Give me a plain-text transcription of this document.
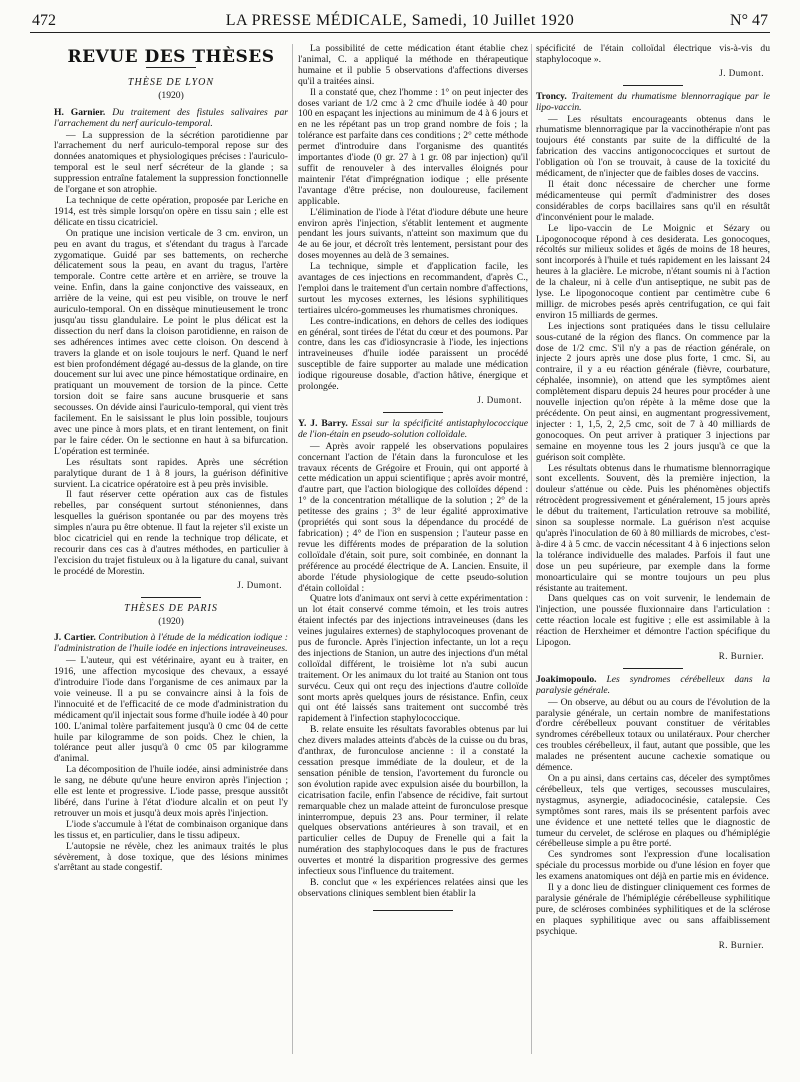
472	LA PRESSE MÉDICALE, Samedi, 10 Juillet 1920	N° 47
REVUE DES THÈSES
THÈSE DE LYON
(1920)
H. Garnier. Du traitement des fistules salivaires par l'arrachement du nerf auriculo-temporal.

— La suppression de la sécrétion parotidienne par l'arrachement du nerf auriculo-temporal repose sur des données anatomiques et physiologiques précises : l'auriculo-temporal est le seul nerf sécréteur de la glande ; sa suppression entraîne fatalement la suppression fonctionnelle de l'organe et son atrophie.

La technique de cette opération, proposée par Leriche en 1914, est très simple lorsqu'on opère en tissu sain ; elle est délicate en tissu cicatriciel.

On pratique une incision verticale de 3 cm. environ, un peu en avant du tragus, et s'étendant du tragus à l'arcade zygomatique. Guidé par ses battements, on recherche délicatement sous la peau, en avant du tragus, l'artère temporale. Contre cette artère et en arrière, se trouve la veine. Enfin, dans la gaine conjonctive des vaisseaux, en arrière de la veine, qui est peu visible, on trouve le nerf auriculo-temporal. On en dissèque minutieusement le tronc jusqu'au tissu glandulaire. Le point le plus délicat est la dissection du nerf dans la cloison parotidienne, en raison de ses adhérences intimes avec cette cloison. On descend à travers la glande et on isole toujours le nerf. Quand le nerf est bien profondément dégagé au-dessus de la glande, on tire doucement sur lui avec une pince hémostatique ordinaire, en pratiquant un mouvement de torsion de la pince. Cette torsion doit se faire sans aucune brusquerie et sans secousses. On dévide ainsi l'auriculo-temporal, qui vient très facilement. En le saisissant le plus loin possible, toujours avec une pince à mors plats, et en tirant lentement, on finit par le faire céder. On le sectionne en haut à sa bifurcation. L'opération est terminée.

Les résultats sont rapides. Après une sécrétion paralytique durant de 1 à 8 jours, la guérison définitive survient. La cicatrice opératoire est à peu près invisible.

Il faut réserver cette opération aux cas de fistules rebelles, par conséquent surtout sténoniennes, dans lesquelles la guérison spontanée ou par des moyens très simples n'aura pu être obtenue. Il faut la rejeter s'il existe un bloc cicatriciel qui en rende la technique trop délicate, et recourir dans ces cas à d'autres méthodes, en particulier à l'excision du trajet fistuleux ou à la ligature du canal, suivant le procédé de Morestin.

J. Dumont.
THÈSES DE PARIS
(1920)
J. Cartier. Contribution à l'étude de la médication iodique : l'administration de l'huile iodée en injections intraveineuses.

— L'auteur, qui est vétérinaire, ayant eu à traiter, en 1916, une affection mycosique des chevaux, a essayé d'introduire l'iode dans l'organisme de ces animaux par la voie veineuse. Il a pu se convaincre ainsi à la fois de l'innocuité et de l'efficacité de ce mode d'administration du médicament qu'il injectait sous forme d'huile iodée à 40 pour 100. L'animal tolère parfaitement jusqu'à 0 cmc 04 de cette huile par kilogramme de son poids. Chez le chien, la tolérance peut aller jusqu'à 0 cmc 05 par kilogramme d'animal.

La décomposition de l'huile iodée, ainsi administrée dans le sang, ne débute qu'une heure environ après l'injection ; elle est lente et progressive. L'iode passe, presque aussitôt libéré, dans l'urine à l'état d'iodure alcalin et on peut l'y retrouver un mois et jusqu'à deux mois après l'injection.

L'iode s'accumule à l'état de combinaison organique dans les tissus et, en particulier, dans le tissu adipeux.

L'autopsie ne révèle, chez les animaux traités le plus sévèrement, à dose toxique, que des lésions minimes s'arrêtant au stade congestif.

La possibilité de cette médication étant établie chez l'animal, C. a appliqué la méthode en thérapeutique humaine et il publie 5 observations d'affections diverses qu'il a traitées ainsi.

Il a constaté que, chez l'homme : 1° on peut injecter des doses variant de 1/2 cmc à 2 cmc d'huile iodée à 40 pour 100 en espaçant les injections au minimum de 4 à 6 jours et en ne les répétant pas un trop grand nombre de fois ; la tolérance est parfaite dans ces conditions ; 2° cette méthode permet d'introduire dans l'organisme des quantités importantes d'iode (0 gr. 27 à 1 gr. 08 par injection) qu'il suffit de renouveler à des intervalles éloignés pour maintenir l'état d'imprégnation iodique ; elle présente l'avantage d'être précise, non douloureuse, facilement applicable.

L'élimination de l'iode à l'état d'iodure débute une heure environ après l'injection, s'établit lentement et augmente pendant les jours suivants, n'atteint son maximum que du 4e au 6e jour, et décroît très lentement, persistant pour des doses moyennes au delà de 3 semaines.

La technique, simple et d'application facile, les avantages de ces injections en recommandent, d'après C., l'emploi dans le traitement d'un certain nombre d'affections, surtout les mycoses externes, les lésions syphilitiques tertiaires ulcéro-gommeuses les rhumatismes chroniques.

Les contre-indications, en dehors de celles des iodiques en général, sont tirées de l'état du cœur et des poumons. Par contre, dans les cas d'idiosyncrasie à l'iode, les injections intraveineuses d'huile iodée paraissent un procédé susceptible de faire supporter au malade une médication iodique rigoureuse dosable, d'action hâtive, énergique et prolongée.

J. Dumont.
Y. J. Barry. Essai sur la spécificité antistaphylococcique de l'ion-étain en pseudo-solution colloïdale.

— Après avoir rappelé les observations populaires concernant l'action de l'étain dans la furonculose et les travaux récents de Grégoire et Frouin, qui ont apporté à cette médication un appui scientifique ; après avoir montré, d'autre part, que l'action biologique des colloïdes dépend : 1° de la concentration métallique de la solution ; 2° de la petitesse des grains ; 3° de leur égalité approximative (propriétés qui sont sous la dépendance du procédé de fabrication) ; 4° de l'ion en suspension ; l'auteur passe en revue les différents modes de préparation de la solution colloïdale d'étain, soit pure, soit combinée, en donnant la préférence au procédé électrique de A. Lancien. Ensuite, il aborde l'étude physiologique de cette pseudo-solution d'étain colloïdal :

Quatre lots d'animaux ont servi à cette expérimentation : un lot était conservé comme témoin, et les trois autres étaient infectés par des injections intraveineuses (dans les veines jugulaires externes) de staphylocoques provenant de pus de furoncle. Après l'injection infectante, un lot a reçu des injections de Stanion, un autre des injections d'un métal colloïdal différent, le troisième lot n'a subi aucun traitement. Or les animaux du lot traité au Stanion ont tous survécu. Ceux qui ont reçu des injections d'autre colloïde sont morts après quelques jours de résistance. Enfin, ceux qui ont été laissés sans traitement ont succombé très rapidement à l'infection staphylococcique.

B. relate ensuite les résultats favorables obtenus par lui chez divers malades atteints d'abcès de la cuisse ou du bras, d'anthrax, de furonculose ancienne : il a constaté la cessation presque immédiate de la douleur, et de la sensation pénible de tension, l'avortement du furoncle ou son évolution rapide avec expulsion aisée du bourbillon, la cicatrisation facile, enfin l'absence de récidive, fait surtout remarquable chez un malade atteint de furonculose presque ininterrompue, depuis 23 ans. Pour terminer, il relate quelques observations antérieures à son travail, et en particulier celles de Dupuy de Frenelle qui a fait la numération des staphylocoques dans le pus de fractures ouvertes et montré la disparition progressive des germes infectieux sous l'influence du traitement.

B. conclut que « les expériences relatées ainsi que les observations cliniques semblent bien établir la

spécificité de l'étain colloïdal électrique vis-à-vis du staphylocoque ».

J. Dumont.
Troncy. Traitement du rhumatisme blennorragique par le lipo-vaccin.

— Les résultats encourageants obtenus dans le rhumatisme blennorragique par la vaccinothérapie n'ont pas toujours été constants par suite de la difficulté de la fabrication des vaccins antigonococciques et surtout de l'obligation où l'on se trouvait, à cause de la toxicité du médicament, de n'injecter que de faibles doses de vaccins.

Il était donc nécessaire de chercher une forme médicamenteuse qui permît d'administrer des doses considérables de corps bacillaires sans qu'il en résultât d'inconvénient pour le malade.

Le lipo-vaccin de Le Moignic et Sézary ou Lipogonocoque répond à ces desiderata. Les gonocoques, récoltés sur milieux solides et âgés de moins de 18 heures, sont incorporés à l'huile et tués rapidement en les laissant 24 heures à la glacière. Le microbe, n'étant soumis ni à l'action de la chaleur, ni à celle d'un antiseptique, ne subit pas de lyse. Le lipogonocoque contient par centimètre cube 6 milligr. de microbes pesés après centrifugation, ce qui fait environ 15 milliards de germes.

Les injections sont pratiquées dans le tissu cellulaire sous-cutané de la région des flancs. On commence par la dose de 1/2 cmc. S'il n'y a pas de réaction générale, on injecte 2 jours après une dose plus forte, 1 cmc. Si, au contraire, il y a eu réaction générale (fièvre, courbature, céphalée, insomnie), on attend que les symptômes aient complètement disparu depuis 24 heures pour procéder à une nouvelle injection qu'on répète à la même dose que la précédente. On peut ainsi, en augmentant progressivement, injecter : 1, 1,5, 2, 2,5 cmc, soit de 7 à 40 milliards de gonocoques. On peut arriver à pratiquer 3 injections par semaine en moyenne tous les 2 jours jusqu'à ce que la guérison soit complète.

Les résultats obtenus dans le rhumatisme blennorragique sont excellents. Souvent, dès la première injection, la douleur s'atténue ou cède. Puis les phénomènes objectifs rétrocèdent progressivement et généralement, 15 jours après le début du traitement, l'articulation retrouve sa mobilité, sinon sa souplesse normale. La guérison n'est acquise qu'après l'inoculation de 60 à 80 milliards de microbes, c'est-à-dire 4 à 5 cmc. de vaccin nécessitant 4 à 6 injections selon la tolérance individuelle des malades. Parfois il faut une dose un peu supérieure, par exemple dans la forme monoarticulaire qui se montre toujours un peu plus résistante au traitement.

Dans quelques cas on voit survenir, le lendemain de l'injection, une poussée fluxionnaire dans l'articulation : cette réaction locale est fugitive ; elle est assimilable à la réaction de Herxheimer et démontre l'action spécifique du Lipogon.

R. Burnier.
Joakimopoulo. Les syndromes cérébelleux dans la paralysie générale.

— On observe, au début ou au cours de l'évolution de la paralysie générale, un certain nombre de manifestations d'ordre cérébelleux pouvant constituer de véritables syndromes cérébelleux totaux ou unilatéraux. Pour chercher ces troubles cérébelleux, il faut, autant que possible, que les malades ne présentent aucune cachexie somatique ou démence.

On a pu ainsi, dans certains cas, déceler des symptômes cérébelleux, tels que vertiges, secousses musculaires, nystagmus, asynergie, adiadococinésie, catalepsie. Ces symptômes sont rares, mais ils se présentent parfois avec une évidence et une netteté telles que le diagnostic de tumeur du cervelet, de sclérose en plaques ou d'hémiplégie cérébelleuse simple a pu être porté.

Ces syndromes sont l'expression d'une localisation spéciale du processus morbide ou d'une lésion en foyer que les examens anatomiques ont déjà en partie mis en évidence.

Il y a donc lieu de distinguer cliniquement ces formes de paralysie générale de l'hémiplégie cérébelleuse syphilitique pure, de scléroses combinées syphilitiques et de la sclérose en plaques syphilitique avec ou sans affaiblissement psychique.

R. Burnier.
